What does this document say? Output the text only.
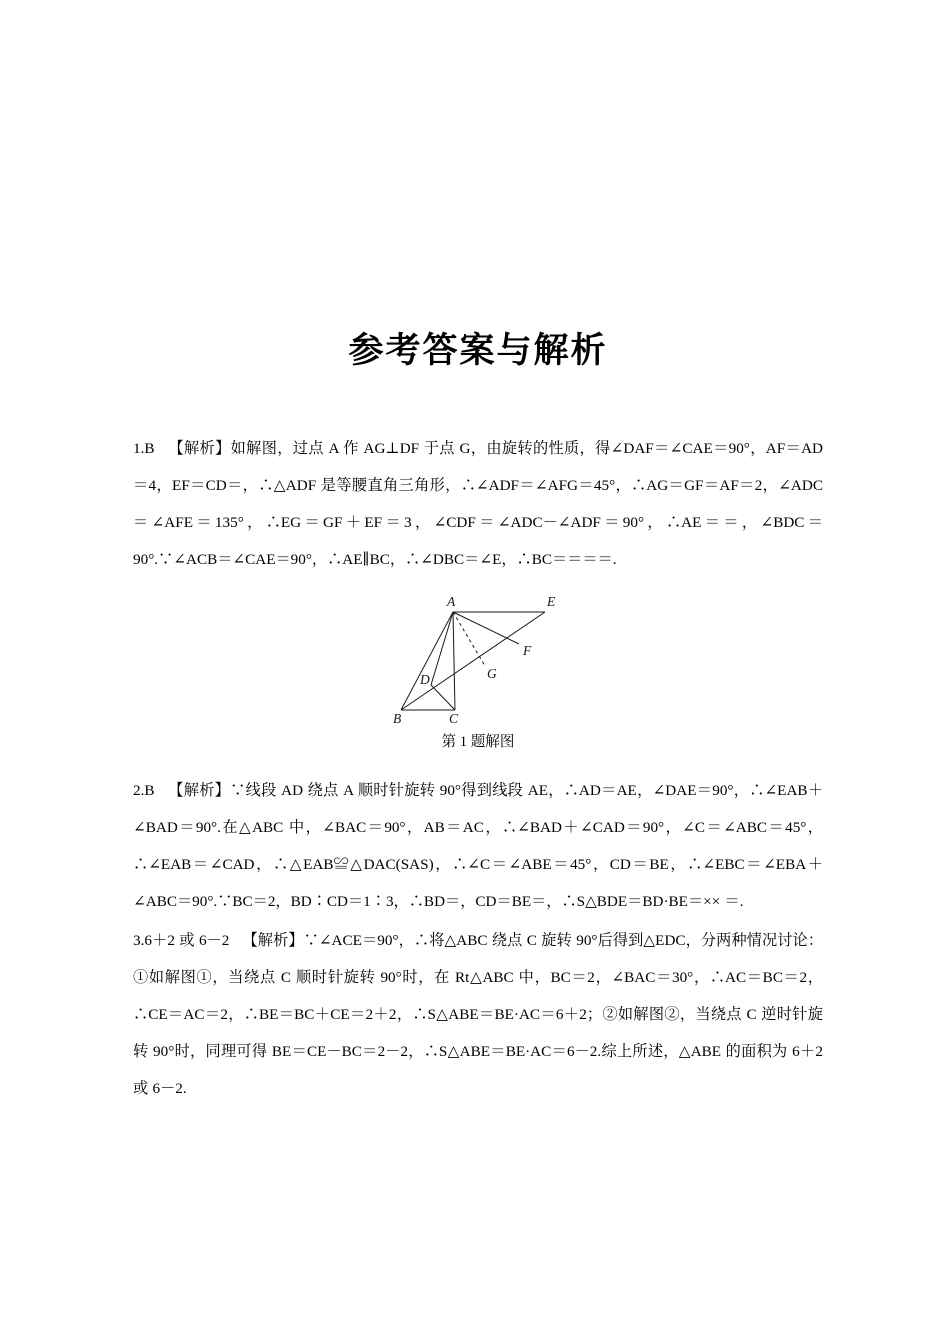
参考答案与解析

1.B 【解析】如解图，过点 A 作 AG⊥DF 于点 G，由旋转的性质，得∠DAF＝∠CAE＝90°，AF＝AD＝4，EF＝CD＝，∴△ADF 是等腰直角三角形，∴∠ADF＝∠AFG＝45°，∴AG＝GF＝AF＝2，∠ADC＝∠AFE＝135°，∴EG＝GF＋EF＝3，∠CDF＝∠ADC－∠ADF＝90°，∴AE＝＝，∠BDC＝90°.∵∠ACB＝∠CAE＝90°，∴AE∥BC，∴∠DBC＝∠E，∴BC＝＝＝＝.

A
B	C
D
E
F
G
第 1 题解图

2.B 【解析】∵线段 AD 绕点 A 顺时针旋转 90°得到线段 AE，∴AD＝AE，∠DAE＝90°，∴∠EAB＋∠BAD＝90°.在△ABC 中，∠BAC＝90°，AB＝AC，∴∠BAD＋∠CAD＝90°，∠C＝∠ABC＝45°，∴∠EAB＝∠CAD，∴△EAB≌△DAC(SAS)，∴∠C＝∠ABE＝45°，CD＝BE，∴∠EBC＝∠EBA＋∠ABC＝90°.∵BC＝2，BD∶CD＝1∶3，∴BD＝，CD＝BE＝，∴S△BDE＝BD·BE＝×× ＝.

3.6＋2 或 6－2 【解析】∵∠ACE＝90°，∴将△ABC 绕点 C 旋转 90°后得到△EDC，分两种情况讨论：①如解图①，当绕点 C 顺时针旋转 90°时，在 Rt△ABC 中，BC＝2，∠BAC＝30°，∴AC＝BC＝2，∴CE＝AC＝2，∴BE＝BC＋CE＝2＋2，∴S△ABE＝BE·AC＝6＋2；②如解图②，当绕点 C 逆时针旋转 90°时，同理可得 BE＝CE－BC＝2－2，∴S△ABE＝BE·AC＝6－2.综上所述，△ABE 的面积为 6＋2 或 6－2.
